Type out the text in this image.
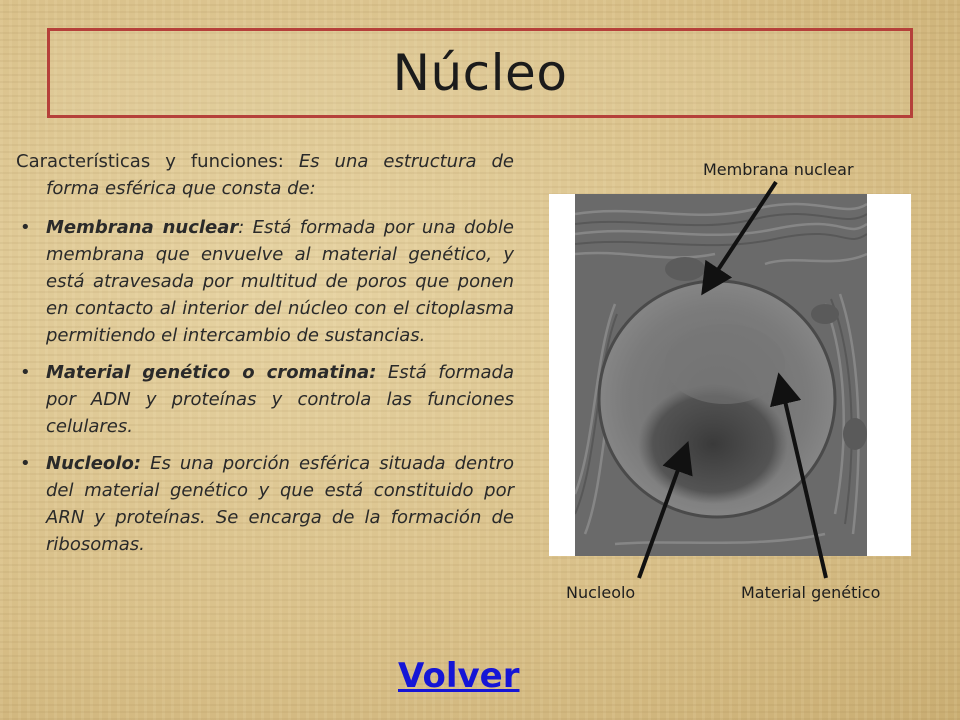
Núcleo

Características y funciones: Es una estructura de forma esférica que consta de:

• Membrana nuclear: Está formada por una doble membrana que envuelve al material genético, y está atravesada por multitud de poros que ponen en contacto al interior del núcleo con el citoplasma permitiendo el intercambio de sustancias.
• Material genético o cromatina: Está formada por ADN y proteínas y controla las funciones celulares.
• Nucleolo: Es una porción esférica situada dentro del material genético y que está constituido por ARN y proteínas. Se encarga de la formación de ribosomas.
Volver
Membrana nuclear
Nucleolo	Material genético
